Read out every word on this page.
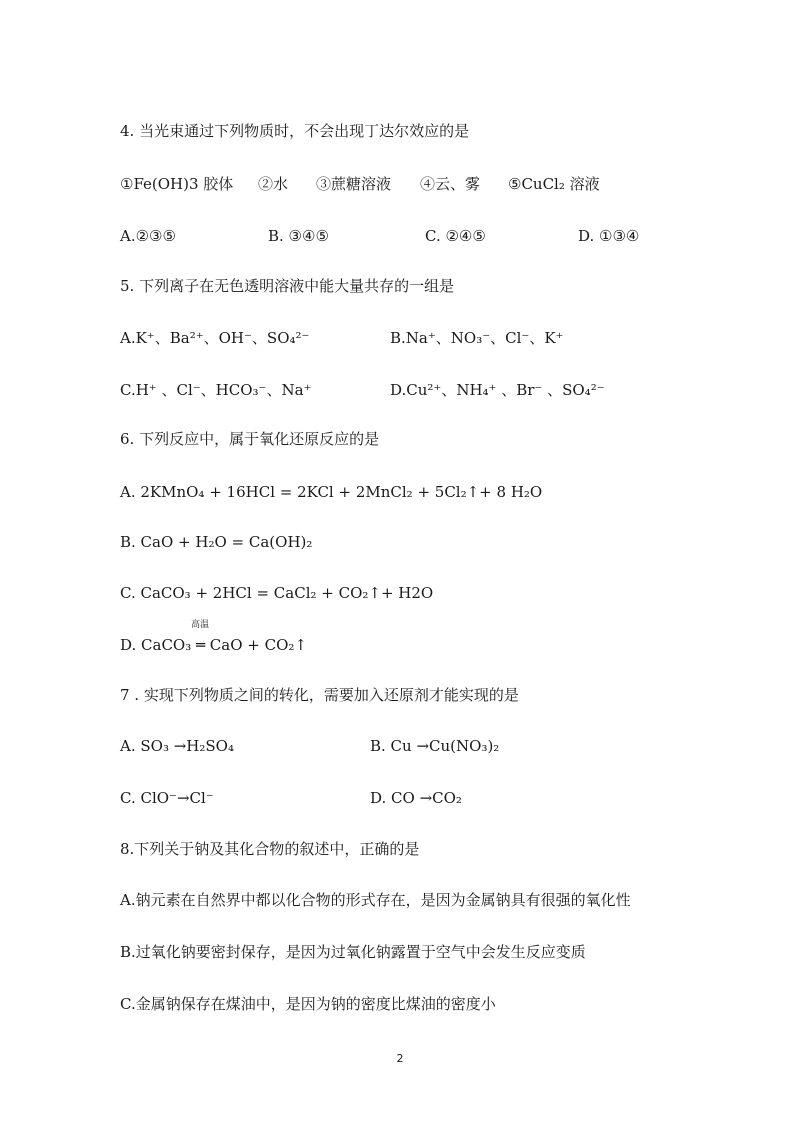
4. 当光束通过下列物质时，不会出现丁达尔效应的是
①Fe(OH)3 胶体 ②水 ③蔗糖溶液 ④云、雾 ⑤CuCl₂ 溶液
A.②③⑤	B. ③④⑤	C. ②④⑤	D. ①③④
5. 下列离子在无色透明溶液中能大量共存的一组是
A.K⁺、Ba²⁺、OH⁻、SO₄²⁻	B.Na⁺、NO₃⁻、Cl⁻、K⁺
C.H⁺ 、Cl⁻、HCO₃⁻、Na⁺	D.Cu²⁺、NH₄⁺ 、Br⁻ 、SO₄²⁻
6. 下列反应中，属于氧化还原反应的是
A. 2KMnO₄ + 16HCl = 2KCl + 2MnCl₂ + 5Cl₂↑+ 8 H₂O
B. CaO + H₂O = Ca(OH)₂
C. CaCO₃ + 2HCl = CaCl₂ + CO₂↑+ H2O
高温
D. CaCO₃ ═ CaO + CO₂↑
7 . 实现下列物质之间的转化，需要加入还原剂才能实现的是
A. SO₃ →H₂SO₄	B. Cu →Cu(NO₃)₂
C. ClO⁻→Cl⁻	D. CO →CO₂
8.下列关于钠及其化合物的叙述中，正确的是
A.钠元素在自然界中都以化合物的形式存在，是因为金属钠具有很强的氧化性
B.过氧化钠要密封保存，是因为过氧化钠露置于空气中会发生反应变质
C.金属钠保存在煤油中，是因为钠的密度比煤油的密度小
2
